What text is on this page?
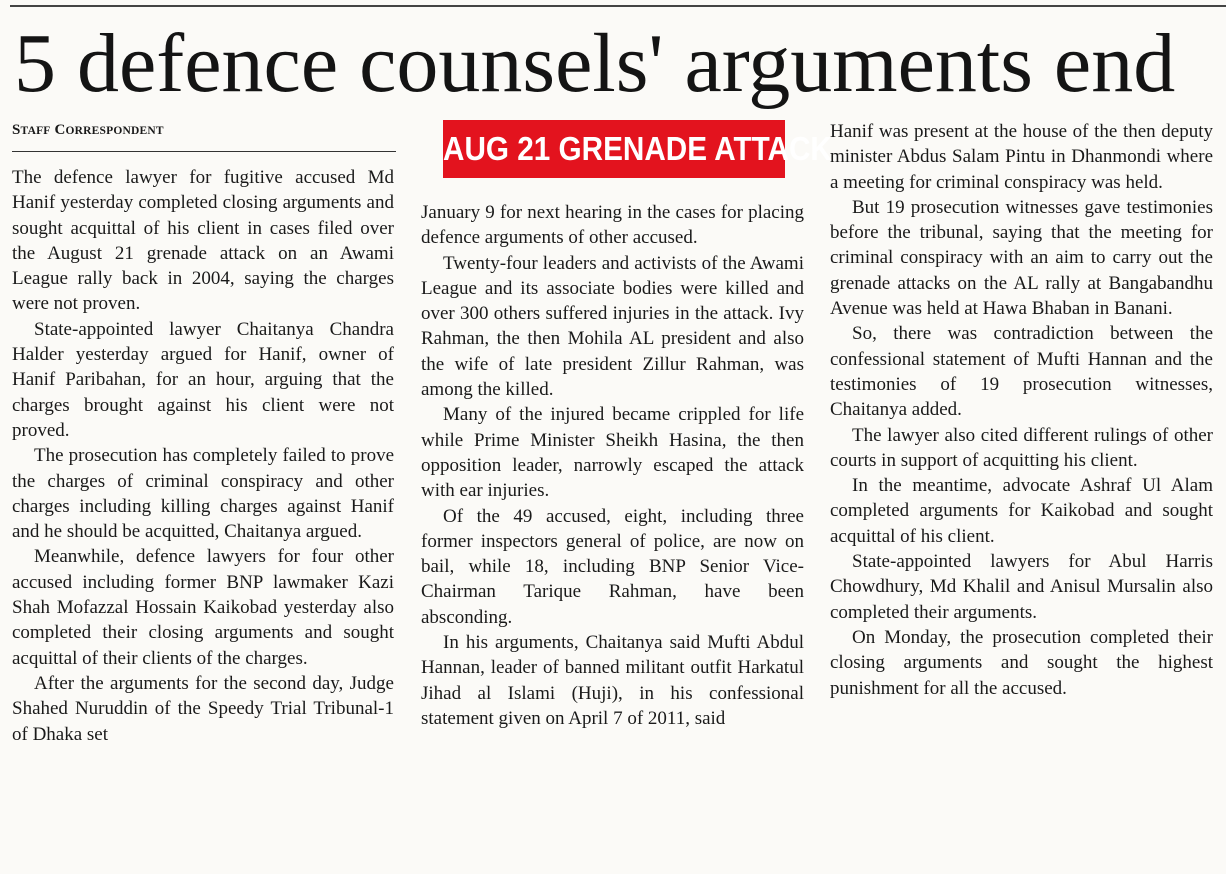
5 defence counsels' arguments end
STAFF CORRESPONDENT	AUG 21 GRENADE ATTACK

The defence lawyer for fugitive accused Md Hanif yesterday completed closing arguments and sought acquittal of his client in cases filed over the August 21 grenade attack on an Awami League rally back in 2004, saying the charges were not proven.

State-appointed lawyer Chaitanya Chandra Halder yesterday argued for Hanif, owner of Hanif Paribahan, for an hour, arguing that the charges brought against his client were not proved.

The prosecution has completely failed to prove the charges of criminal conspiracy and other charges including killing charges against Hanif and he should be acquitted, Chaitanya argued.

Meanwhile, defence lawyers for four other accused including former BNP lawmaker Kazi Shah Mofazzal Hossain Kaikobad yesterday also completed their closing arguments and sought acquittal of their clients of the charges.

After the arguments for the second day, Judge Shahed Nuruddin of the Speedy Trial Tribunal-1 of Dhaka set

January 9 for next hearing in the cases for placing defence arguments of other accused.

Twenty-four leaders and activists of the Awami League and its associate bodies were killed and over 300 others suffered injuries in the attack. Ivy Rahman, the then Mohila AL president and also the wife of late president Zillur Rahman, was among the killed.

Many of the injured became crippled for life while Prime Minister Sheikh Hasina, the then opposition leader, narrowly escaped the attack with ear injuries.

Of the 49 accused, eight, including three former inspectors general of police, are now on bail, while 18, including BNP Senior Vice-Chairman Tarique Rahman, have been absconding.

In his arguments, Chaitanya said Mufti Abdul Hannan, leader of banned militant outfit Harkatul Jihad al Islami (Huji), in his confessional statement given on April 7 of 2011, said

Hanif was present at the house of the then deputy minister Abdus Salam Pintu in Dhanmondi where a meeting for criminal conspiracy was held.

But 19 prosecution witnesses gave testimonies before the tribunal, saying that the meeting for criminal conspiracy with an aim to carry out the grenade attacks on the AL rally at Bangabandhu Avenue was held at Hawa Bhaban in Banani.

So, there was contradiction between the confessional statement of Mufti Hannan and the testimonies of 19 prosecution witnesses, Chaitanya added.

The lawyer also cited different rulings of other courts in support of acquitting his client.

In the meantime, advocate Ashraf Ul Alam completed arguments for Kaikobad and sought acquittal of his client.

State-appointed lawyers for Abul Harris Chowdhury, Md Khalil and Anisul Mursalin also completed their arguments.

On Monday, the prosecution completed their closing arguments and sought the highest punishment for all the accused.
